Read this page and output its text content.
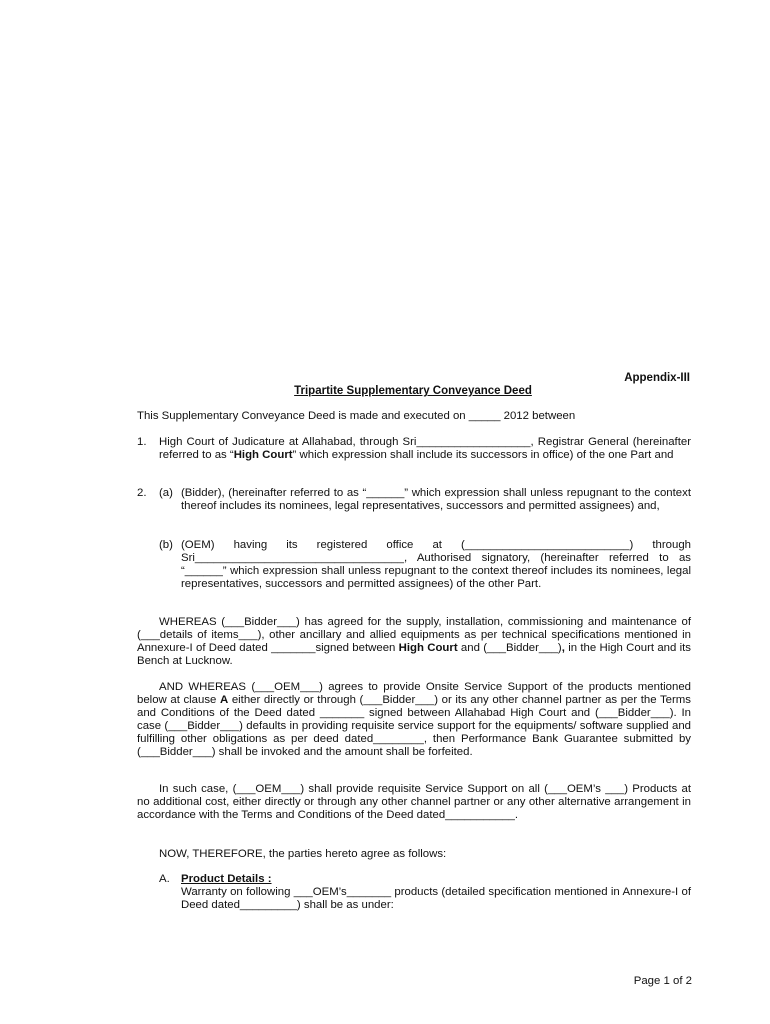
Appendix-III
Tripartite Supplementary Conveyance Deed
This Supplementary Conveyance Deed is made and executed on _____ 2012 between
1. High Court of Judicature at Allahabad, through Sri__________________, Registrar General (hereinafter referred to as “High Court” which expression shall include its successors in office) of the one Part and
2. (a) (Bidder), (hereinafter referred to as “______” which expression shall unless repugnant to the context thereof includes its nominees, legal representatives, successors and permitted assignees) and,
(b) (OEM) having its registered office at (__________________________) through Sri_________________________________, Authorised signatory, (hereinafter referred to as “______” which expression shall unless repugnant to the context thereof includes its nominees, legal representatives, successors and permitted assignees) of the other Part.
WHEREAS (___Bidder___) has agreed for the supply, installation, commissioning and maintenance of (___details of items___), other ancillary and allied equipments as per technical specifications mentioned in Annexure-I of Deed dated _______signed between High Court and (___Bidder___), in the High Court and its Bench at Lucknow.
AND WHEREAS (___OEM___) agrees to provide Onsite Service Support of the products mentioned below at clause A either directly or through (___Bidder___) or its any other channel partner as per the Terms and Conditions of the Deed dated _______ signed between Allahabad High Court and (___Bidder___). In case (___Bidder___) defaults in providing requisite service support for the equipments/ software supplied and fulfilling other obligations as per deed dated________, then Performance Bank Guarantee submitted by (___Bidder___) shall be invoked and the amount shall be forfeited.
In such case, (___OEM___) shall provide requisite Service Support on all (___OEM’s ___) Products at no additional cost, either directly or through any other channel partner or any other alternative arrangement in accordance with the Terms and Conditions of the Deed dated___________.
NOW, THEREFORE, the parties hereto agree as follows:
A. Product Details :
Warranty on following ___OEM’s_______ products (detailed specification mentioned in Annexure-I of Deed dated_________) shall be as under:
Page 1 of 2
